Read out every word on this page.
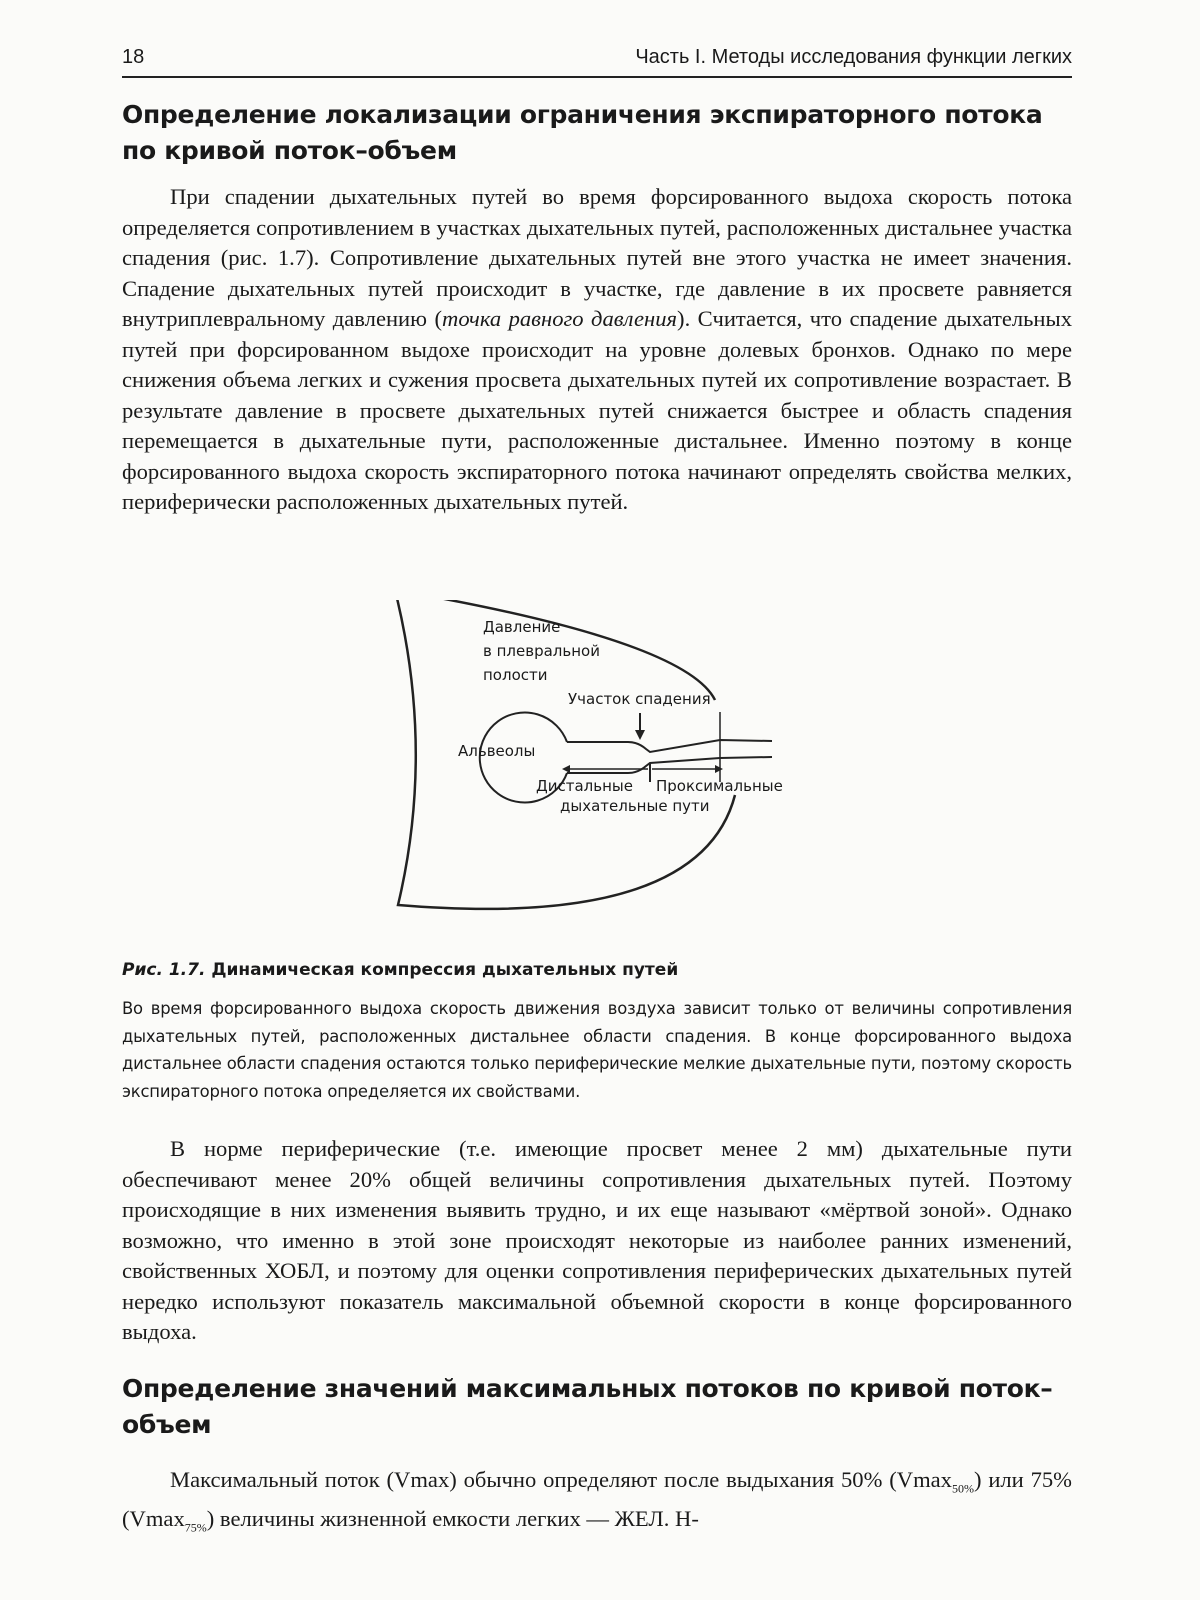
18	Часть I. Методы исследования функции легких
Определение локализации ограничения экспираторного потока по кривой поток–объем

При спадении дыхательных путей во время форсированного выдоха скорость потока определяется сопротивлением в участках дыхательных путей, расположенных дистальнее участка спадения (рис. 1.7). Сопротивление дыхательных путей вне этого участка не имеет значения. Спадение дыхательных путей происходит в участке, где давление в их просвете равняется внутриплевральному давлению (точка равного давления). Считается, что спадение дыхательных путей при форсированном выдохе происходит на уровне долевых бронхов. Однако по мере снижения объема легких и сужения просвета дыхательных путей их сопротивление возрастает. В результате давление в просвете дыхательных путей снижается быстрее и область спадения перемещается в дыхательные пути, расположенные дистальнее. Именно поэтому в конце форсированного выдоха скорость экспираторного потока начинают определять свойства мелких, периферически расположенных дыхательных путей.

Давление
в плевральной
полости
Участок спадения
Альвеолы
Дистальные Проксимальные
дыхательные пути
Рис. 1.7. Динамическая компрессия дыхательных путей

Во время форсированного выдоха скорость движения воздуха зависит только от величины сопротивления дыхательных путей, расположенных дистальнее области спадения. В конце форсированного выдоха дистальнее области спадения остаются только периферические мелкие дыхательные пути, поэтому скорость экспираторного потока определяется их свойствами.

В норме периферические (т.е. имеющие просвет менее 2 мм) дыхательные пути обеспечивают менее 20% общей величины сопротивления дыхательных путей. Поэтому происходящие в них изменения выявить трудно, и их еще называют «мёртвой зоной». Однако возможно, что именно в этой зоне происходят некоторые из наиболее ранних изменений, свойственных ХОБЛ, и поэтому для оценки сопротивления периферических дыхательных путей нередко используют показатель максимальной объемной скорости в конце форсированного выдоха.

Определение значений максимальных потоков по кривой поток–объем

Максимальный поток (Vmax) обычно определяют после выдыхания 50% (Vmax$_{50\%}$) или 75% (Vmax$_{75\%}$) величины жизненной емкости легких — ЖЕЛ. Н-
